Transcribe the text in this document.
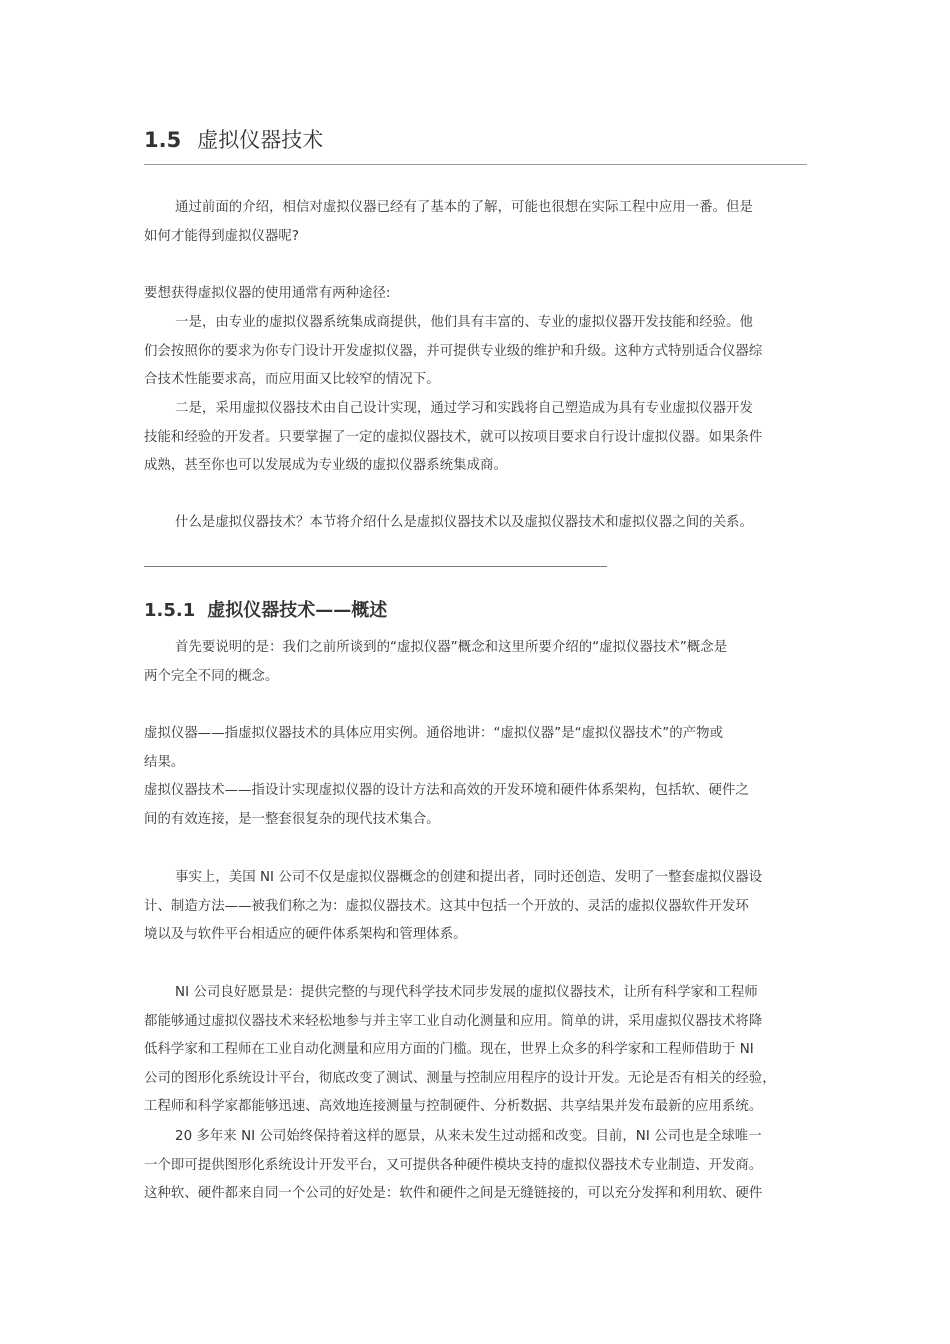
1.5 虚拟仪器技术
通过前面的介绍，相信对虚拟仪器已经有了基本的了解，可能也很想在实际工程中应用一番。但是
如何才能得到虚拟仪器呢?
要想获得虚拟仪器的使用通常有两种途径:
一是，由专业的虚拟仪器系统集成商提供，他们具有丰富的、专业的虚拟仪器开发技能和经验。他
们会按照你的要求为你专门设计开发虚拟仪器，并可提供专业级的维护和升级。这种方式特别适合仪器综
合技术性能要求高，而应用面又比较窄的情况下。
二是，采用虚拟仪器技术由自己设计实现，通过学习和实践将自己塑造成为具有专业虚拟仪器开发
技能和经验的开发者。只要掌握了一定的虚拟仪器技术，就可以按项目要求自行设计虚拟仪器。如果条件
成熟，甚至你也可以发展成为专业级的虚拟仪器系统集成商。
什么是虚拟仪器技术？本节将介绍什么是虚拟仪器技术以及虚拟仪器技术和虚拟仪器之间的关系。
1.5.1 虚拟仪器技术——概述
首先要说明的是：我们之前所谈到的“虚拟仪器”概念和这里所要介绍的“虚拟仪器技术”概念是
两个完全不同的概念。
虚拟仪器——指虚拟仪器技术的具体应用实例。通俗地讲：“虚拟仪器”是“虚拟仪器技术”的产物或
结果。
虚拟仪器技术——指设计实现虚拟仪器的设计方法和高效的开发环境和硬件体系架构，包括软、硬件之
间的有效连接，是一整套很复杂的现代技术集合。
事实上，美国 NI 公司不仅是虚拟仪器概念的创建和提出者，同时还创造、发明了一整套虚拟仪器设
计、制造方法——被我们称之为：虚拟仪器技术。这其中包括一个开放的、灵活的虚拟仪器软件开发环
境以及与软件平台相适应的硬件体系架构和管理体系。
NI 公司良好愿景是：提供完整的与现代科学技术同步发展的虚拟仪器技术，让所有科学家和工程师
都能够通过虚拟仪器技术来轻松地参与并主宰工业自动化测量和应用。简单的讲，采用虚拟仪器技术将降
低科学家和工程师在工业自动化测量和应用方面的门槛。现在，世界上众多的科学家和工程师借助于 NI
公司的图形化系统设计平台，彻底改变了测试、测量与控制应用程序的设计开发。无论是否有相关的经验，
工程师和科学家都能够迅速、高效地连接测量与控制硬件、分析数据、共享结果并发布最新的应用系统。
20 多年来 NI 公司始终保持着这样的愿景，从来未发生过动摇和改变。目前，NI 公司也是全球唯一
一个即可提供图形化系统设计开发平台，又可提供各种硬件模块支持的虚拟仪器技术专业制造、开发商。
这种软、硬件都来自同一个公司的好处是：软件和硬件之间是无缝链接的，可以充分发挥和利用软、硬件
